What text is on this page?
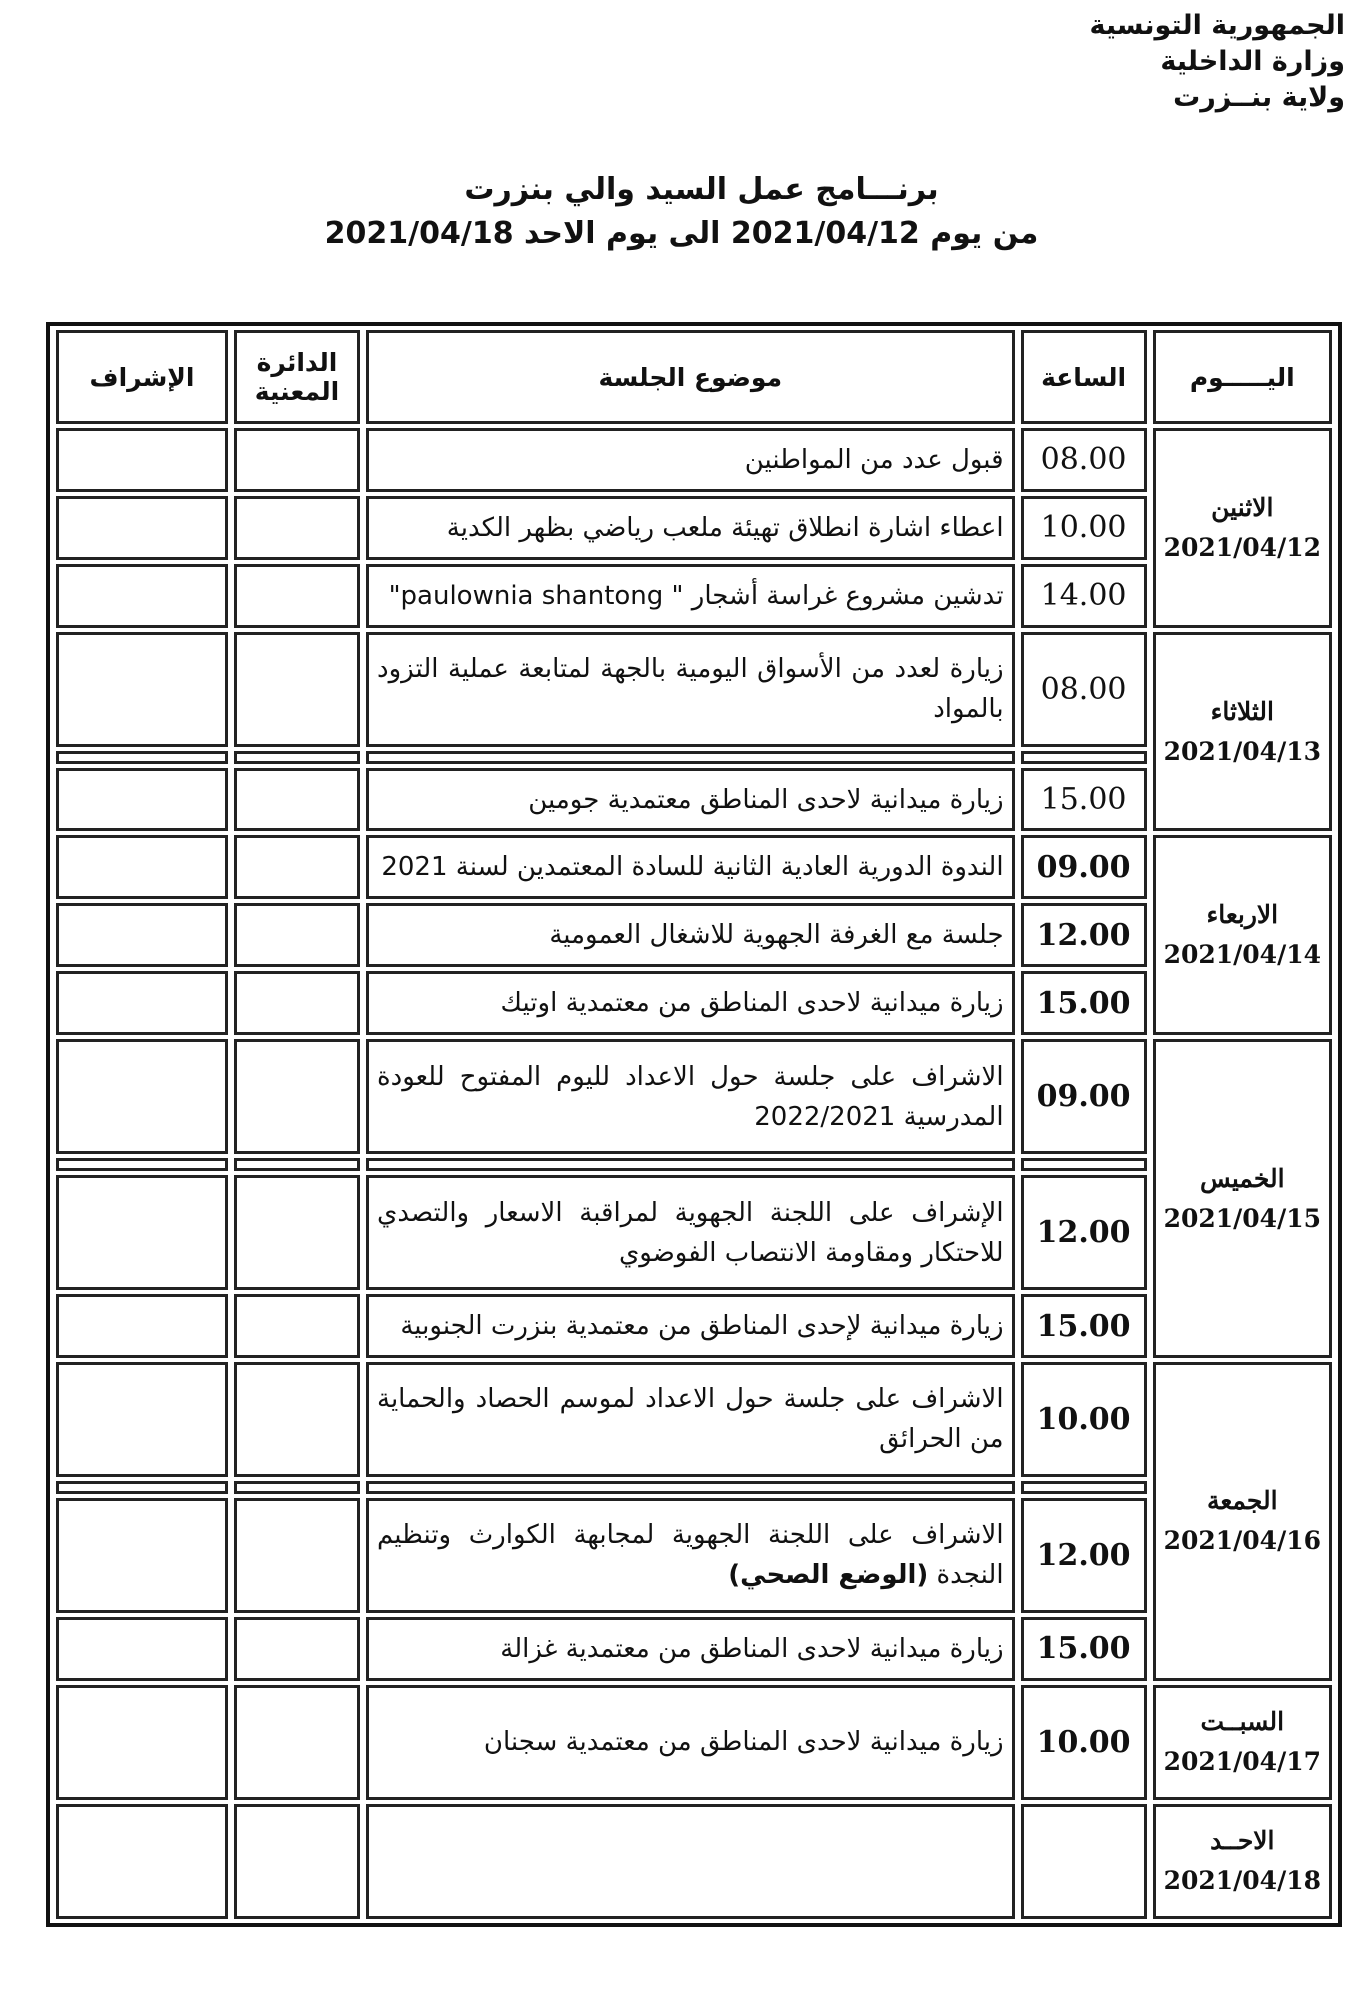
الجمهورية التونسية
وزارة الداخلية
ولاية بنــزرت
برنـــامج عمل السيد والي بنزرت
من يوم 2021/04/12 الى يوم الاحد 2021/04/18
اليـــــوم	الساعة	موضوع الجلسة	الدائرة المعنية	الإشراف

الاثنين
2021/04/12	08.00	قبول عدد من المواطنين		
	10.00	اعطاء اشارة انطلاق تهيئة ملعب رياضي بظهر الكدية		
	14.00	تدشين مشروع غراسة أشجار " paulownia shantong"		

الثلاثاء
2021/04/13	08.00	زيارة لعدد من الأسواق اليومية بالجهة لمتابعة عملية التزود بالمواد		

	15.00	زيارة ميدانية لاحدى المناطق معتمدية جومين		

الاربعاء
2021/04/14	09.00	الندوة الدورية العادية الثانية للسادة المعتمدين لسنة 2021		
	12.00	جلسة مع الغرفة الجهوية للاشغال العمومية		
	15.00	زيارة ميدانية لاحدى المناطق من معتمدية اوتيك		

الخميس
2021/04/15	09.00	الاشراف على جلسة حول الاعداد لليوم المفتوح للعودة المدرسية 2022/2021		

	12.00	الإشراف على اللجنة الجهوية لمراقبة الاسعار والتصدي للاحتكار ومقاومة الانتصاب الفوضوي		
	15.00	زيارة ميدانية لإحدى المناطق من معتمدية بنزرت الجنوبية		

الجمعة
2021/04/16	10.00	الاشراف على جلسة حول الاعداد لموسم الحصاد والحماية من الحرائق		

	12.00	الاشراف على اللجنة الجهوية لمجابهة الكوارث وتنظيم النجدة (الوضع الصحي)		
	15.00	زيارة ميدانية لاحدى المناطق من معتمدية غزالة		

السبــت
2021/04/17	10.00	زيارة ميدانية لاحدى المناطق من معتمدية سجنان		

الاحــد
2021/04/18				
